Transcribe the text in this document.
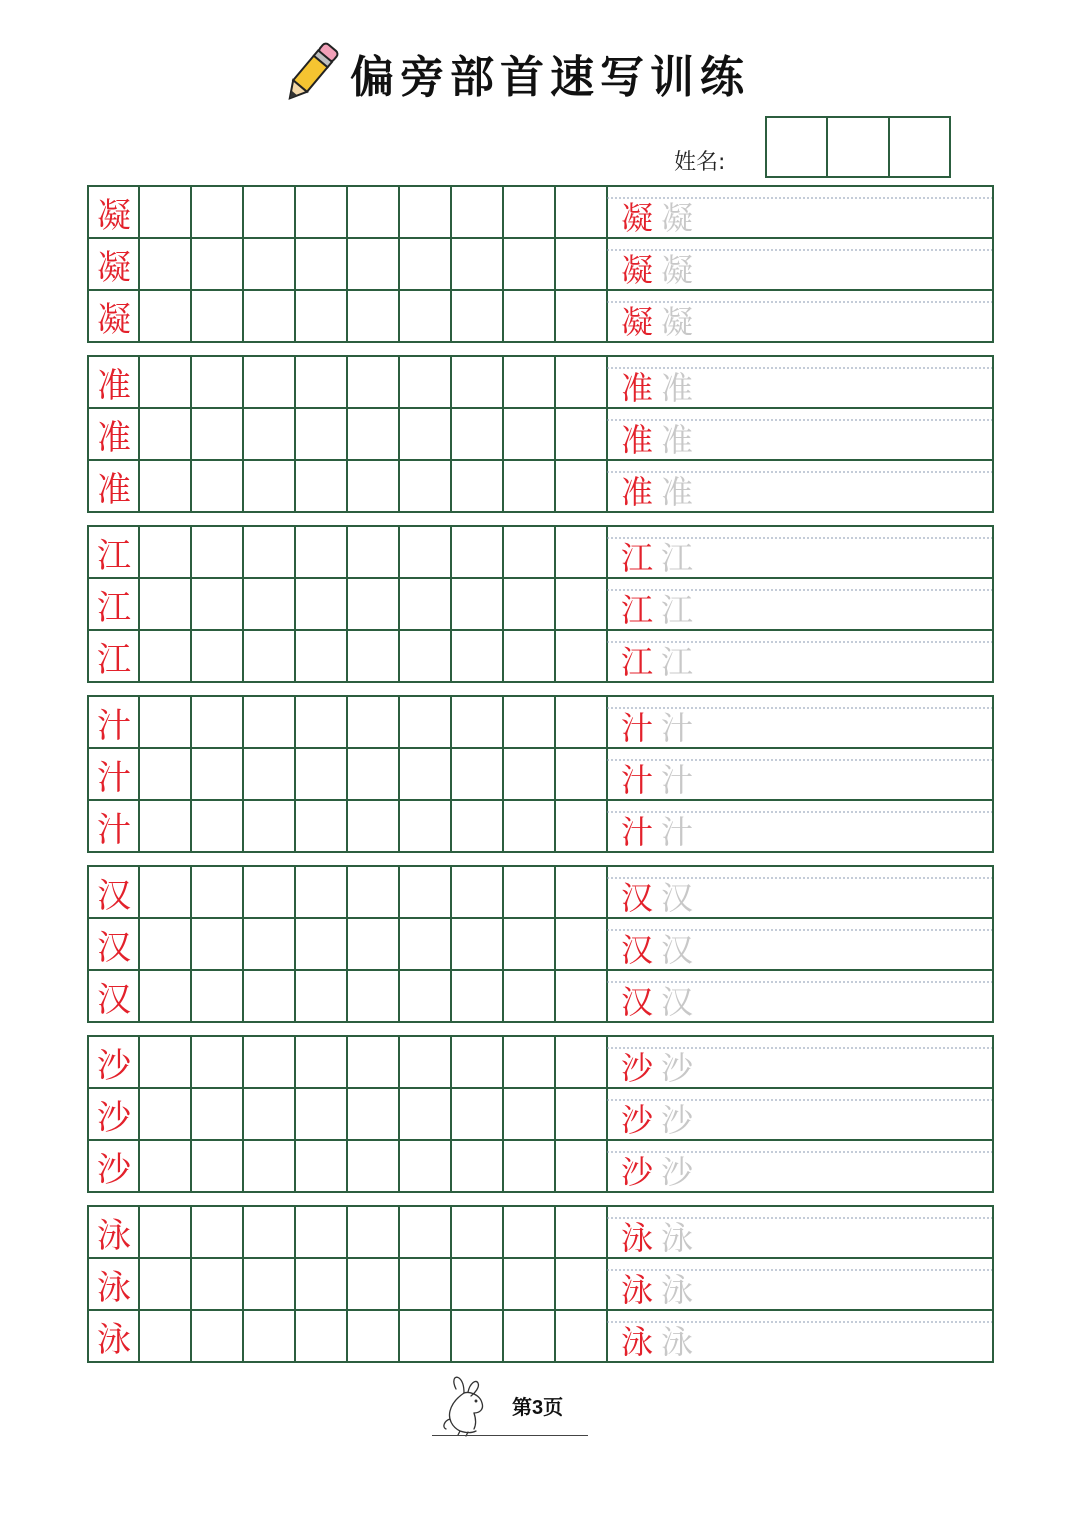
偏旁部首速写训练
姓名:
凝	凝 凝
凝	凝 凝
凝	凝 凝
准	准 准
准	准 准
准	准 准
江	江 江
江	江 江
江	江 江
汁	汁 汁
汁	汁 汁
汁	汁 汁
汉	汉 汉
汉	汉 汉
汉	汉 汉
沙	沙 沙
沙	沙 沙
沙	沙 沙
泳	泳 泳
泳	泳 泳
泳	泳 泳
第3页
